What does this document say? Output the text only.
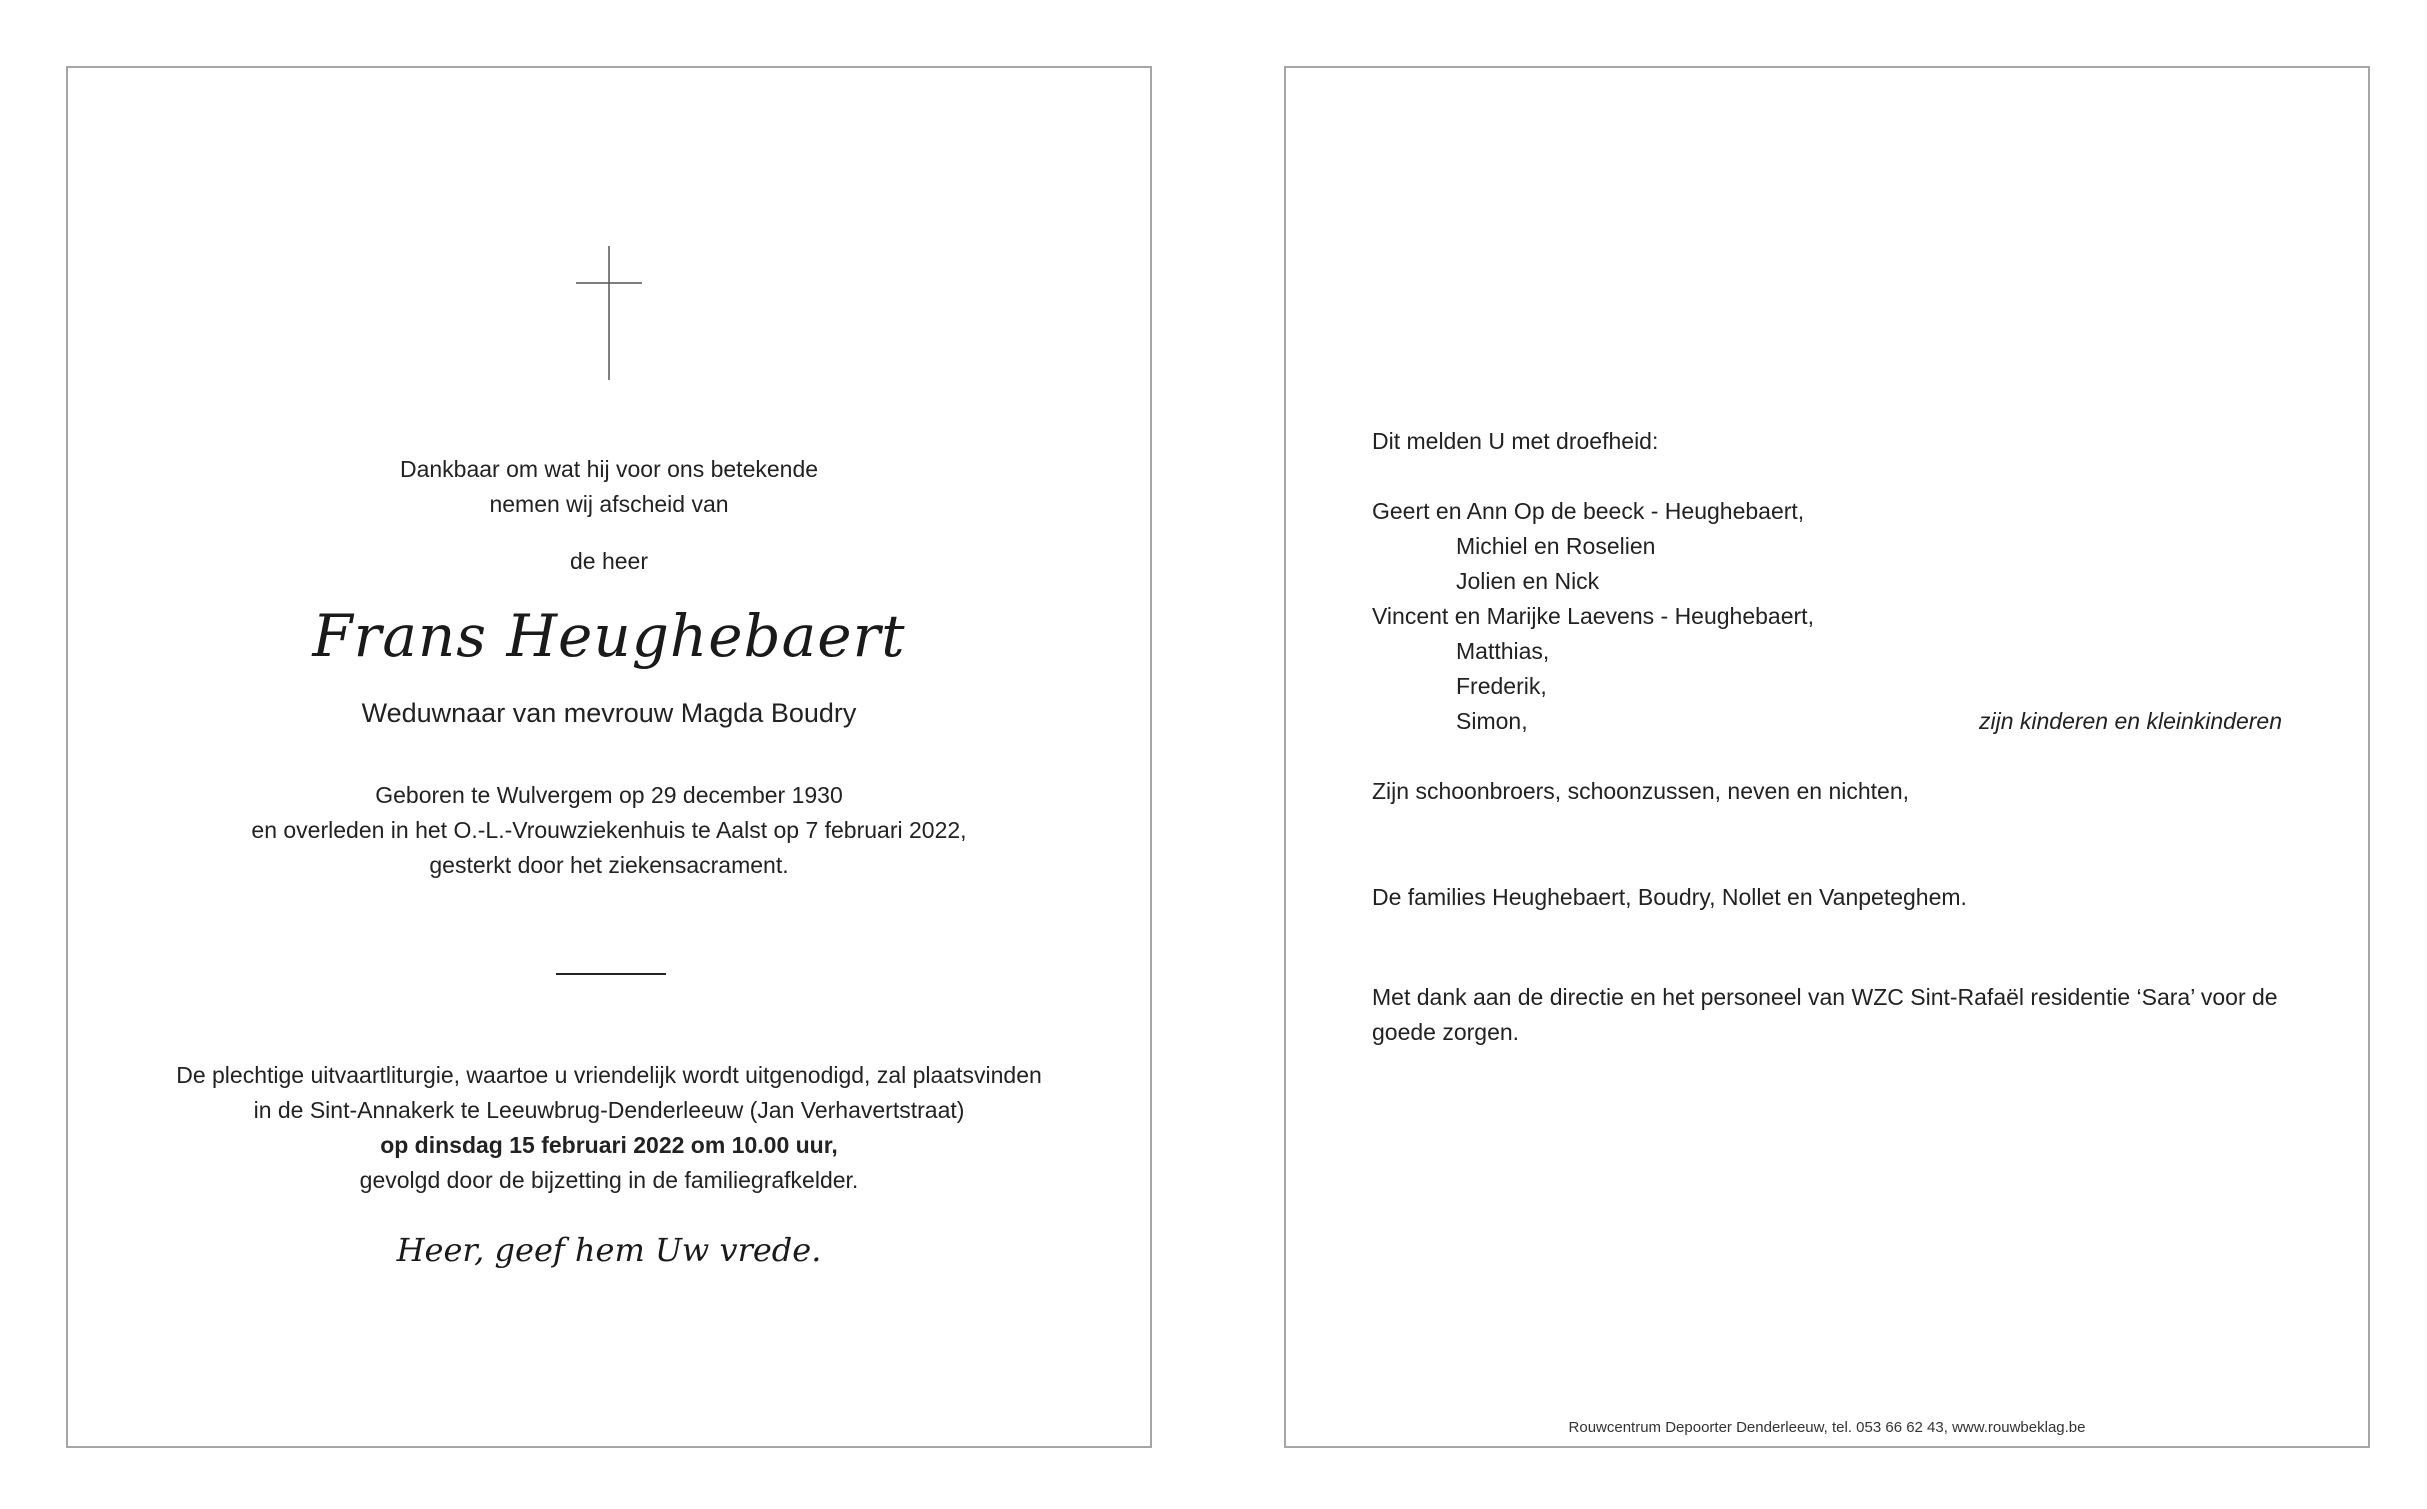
Dankbaar om wat hij voor ons betekende
nemen wij afscheid van
de heer
Frans Heughebaert
Weduwnaar van mevrouw Magda Boudry
Geboren te Wulvergem op 29 december 1930
en overleden in het O.-L.-Vrouwziekenhuis te Aalst op 7 februari 2022,
gesterkt door het ziekensacrament.
De plechtige uitvaartliturgie, waartoe u vriendelijk wordt uitgenodigd, zal plaatsvinden
in de Sint-Annakerk te Leeuwbrug-Denderleeuw (Jan Verhavertstraat)
op dinsdag 15 februari 2022 om 10.00 uur,
gevolgd door de bijzetting in de familiegrafkelder.
Heer, geef hem Uw vrede.
Dit melden U met droefheid:
Geert en Ann Op de beeck - Heughebaert,
Michiel en Roselien
Jolien en Nick
Vincent en Marijke Laevens - Heughebaert,
Matthias,
Frederik,
Simon,	zijn kinderen en kleinkinderen
Zijn schoonbroers, schoonzussen, neven en nichten,
De families Heughebaert, Boudry, Nollet en Vanpeteghem.
Met dank aan de directie en het personeel van WZC Sint-Rafaël residentie ‘Sara’ voor de
goede zorgen.
Rouwcentrum Depoorter Denderleeuw, tel. 053 66 62 43, www.rouwbeklag.be
